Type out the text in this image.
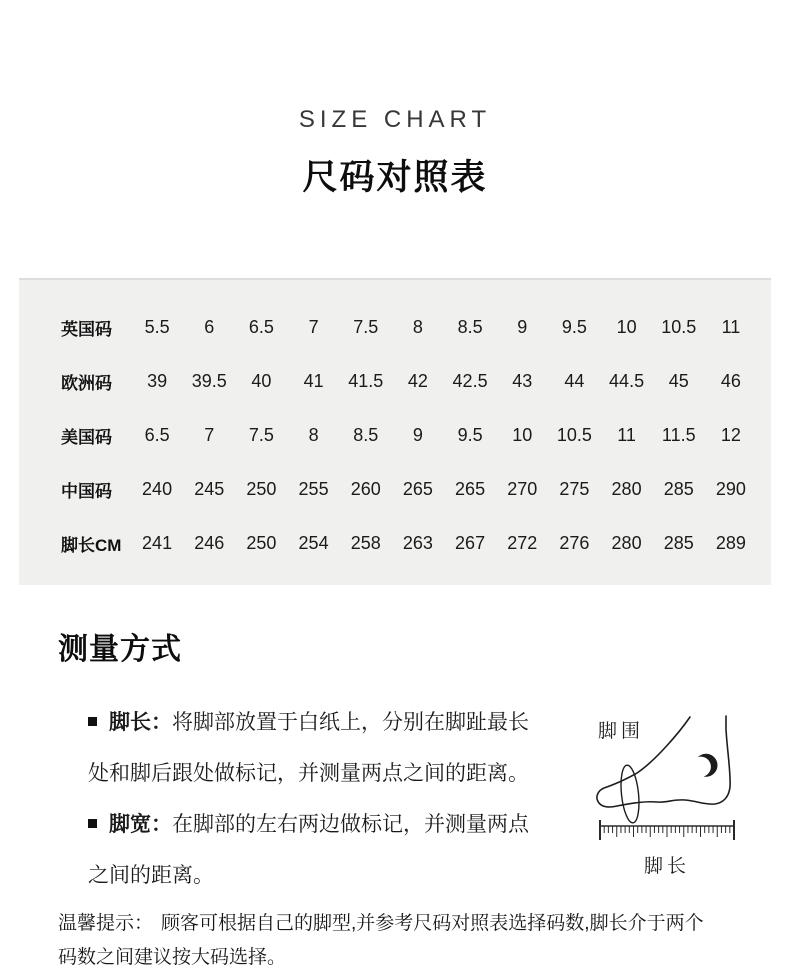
SIZE CHART
尺码对照表
英国码	5.5	6	6.5	7	7.5	8	8.5	9	9.5	10	10.5	11
欧洲码	39	39.5	40	41	41.5	42	42.5	43	44	44.5	45	46
美国码	6.5	7	7.5	8	8.5	9	9.5	10	10.5	11	11.5	12
中国码	240	245	250	255	260	265	265	270	275	280	285	290
脚长CM	241	246	250	254	258	263	267	272	276	280	285	289
测量方式
脚长：将脚部放置于白纸上，分别在脚趾最长处和脚后跟处做标记，并测量两点之间的距离。
脚宽：在脚部的左右两边做标记，并测量两点之间的距离。
脚围
脚长
温馨提示： 顾客可根据自己的脚型,并参考尺码对照表选择码数,脚长介于两个码数之间建议按大码选择。
